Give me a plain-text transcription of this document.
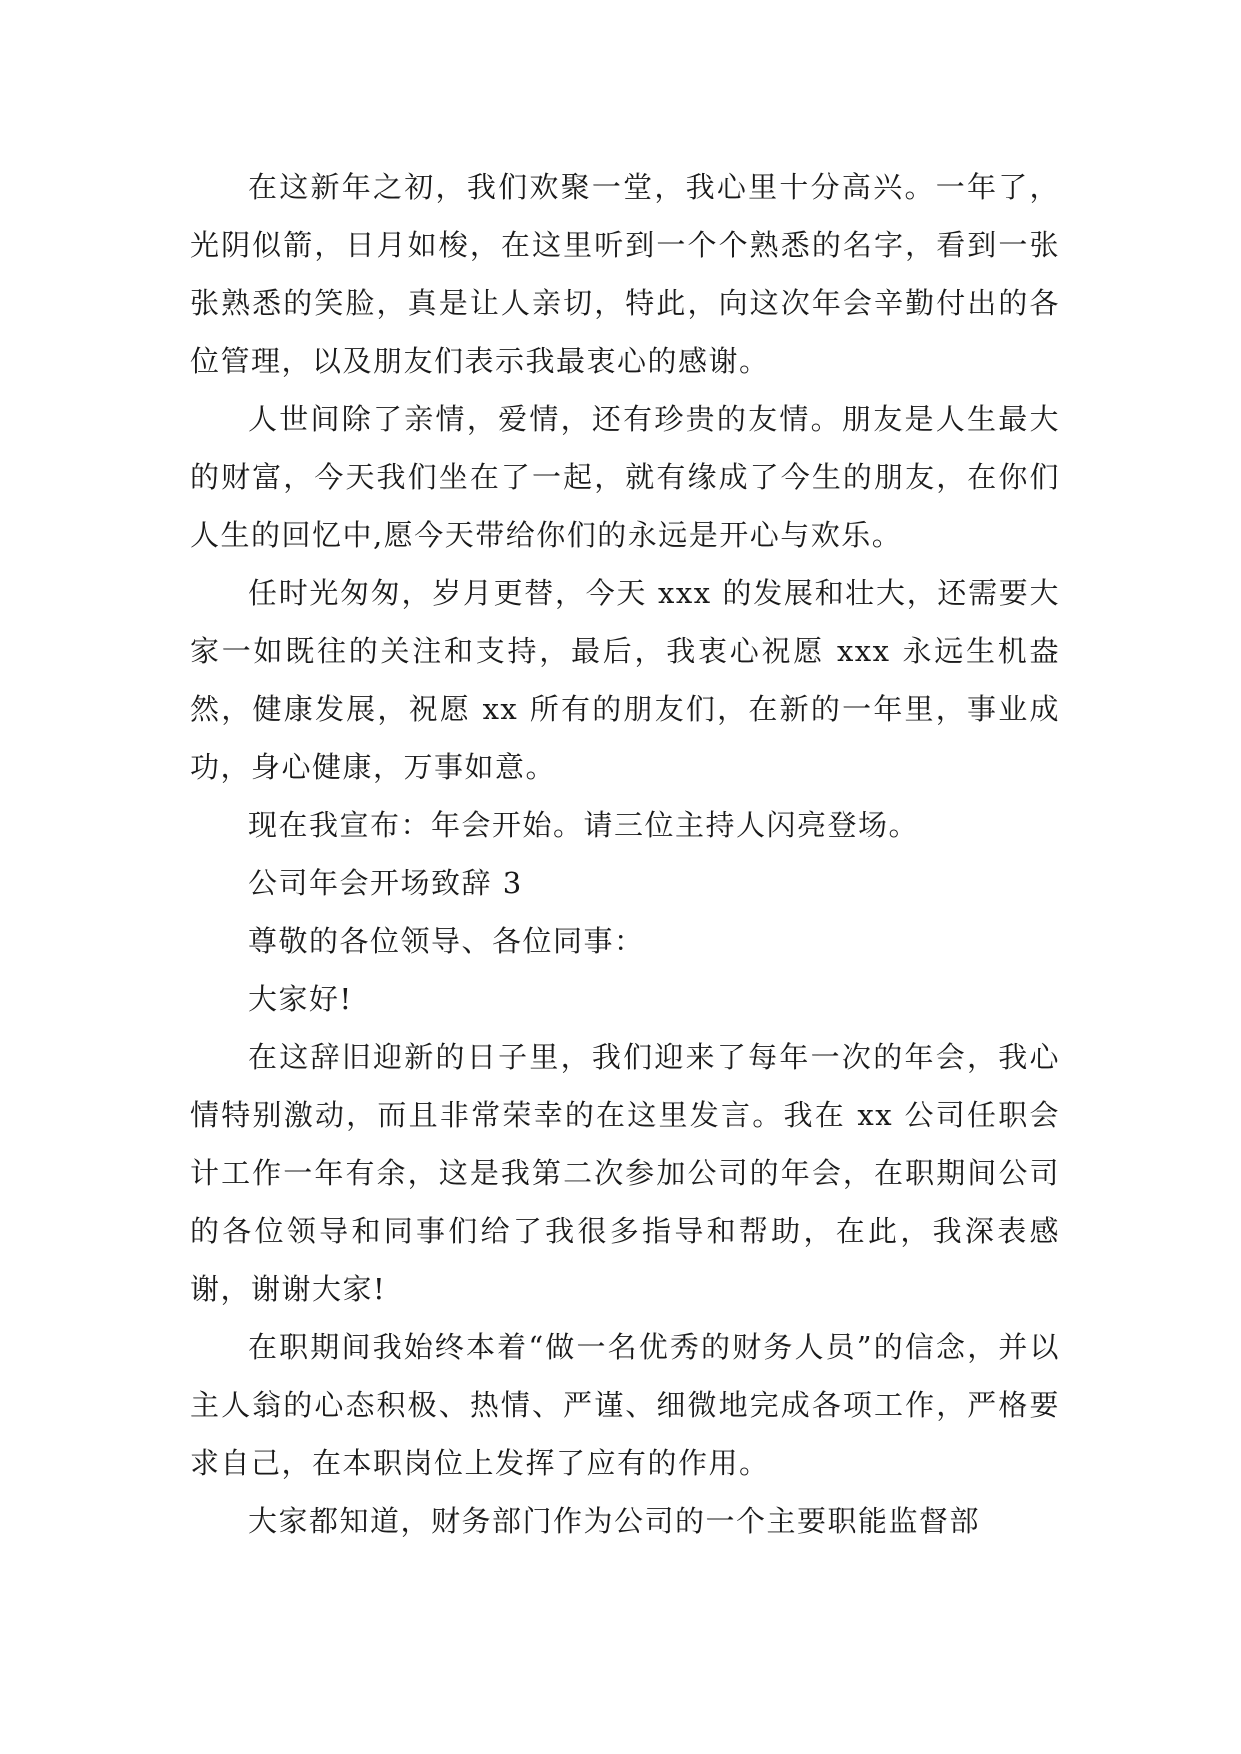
在这新年之初，我们欢聚一堂，我心里十分高兴。一年了，光阴似箭，日月如梭，在这里听到一个个熟悉的名字，看到一张张熟悉的笑脸，真是让人亲切，特此，向这次年会辛勤付出的各位管理，以及朋友们表示我最衷心的感谢。

人世间除了亲情，爱情，还有珍贵的友情。朋友是人生最大的财富，今天我们坐在了一起，就有缘成了今生的朋友，在你们人生的回忆中,愿今天带给你们的永远是开心与欢乐。

任时光匆匆，岁月更替，今天 xxx 的发展和壮大，还需要大家一如既往的关注和支持，最后，我衷心祝愿 xxx 永远生机盎然，健康发展，祝愿 xx 所有的朋友们，在新的一年里，事业成功，身心健康，万事如意。

现在我宣布：年会开始。请三位主持人闪亮登场。

公司年会开场致辞 3

尊敬的各位领导、各位同事：

大家好!

在这辞旧迎新的日子里，我们迎来了每年一次的年会，我心情特别激动，而且非常荣幸的在这里发言。我在 xx 公司任职会计工作一年有余，这是我第二次参加公司的年会，在职期间公司的各位领导和同事们给了我很多指导和帮助，在此，我深表感谢，谢谢大家!

在职期间我始终本着“做一名优秀的财务人员”的信念，并以主人翁的心态积极、热情、严谨、细微地完成各项工作，严格要求自己，在本职岗位上发挥了应有的作用。

大家都知道，财务部门作为公司的一个主要职能监督部
